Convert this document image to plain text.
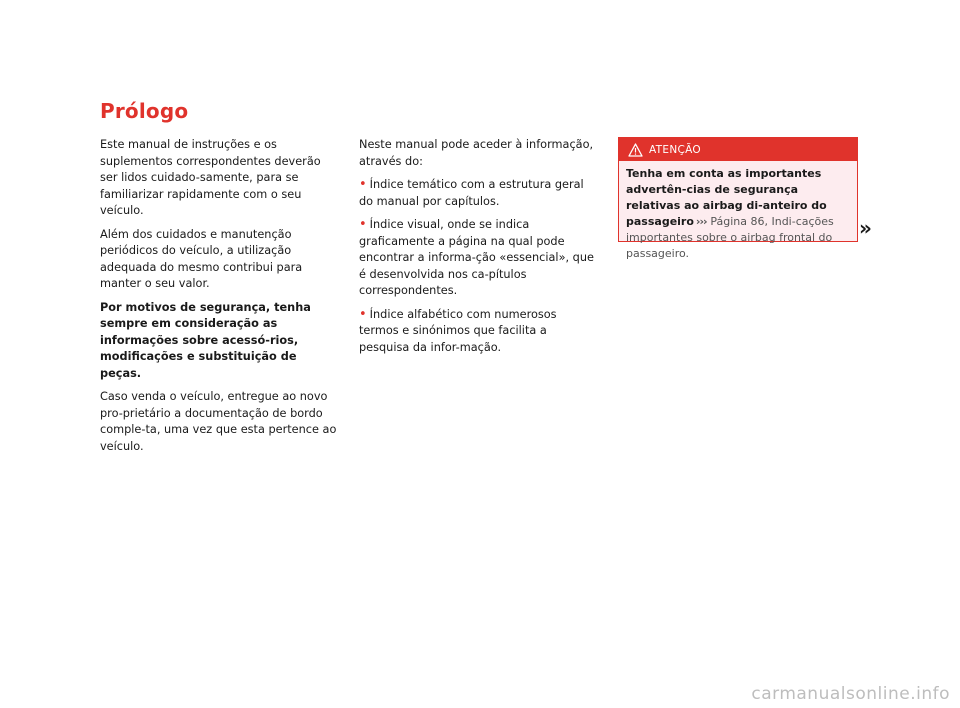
Prólogo

Este manual de instruções e os suplementos correspondentes deverão ser lidos cuidado-samente, para se familiarizar rapidamente com o seu veículo.

Além dos cuidados e manutenção periódicos do veículo, a utilização adequada do mesmo contribui para manter o seu valor.

Por motivos de segurança, tenha sempre em consideração as informações sobre acessó-rios, modificações e substituição de peças.

Caso venda o veículo, entregue ao novo pro-prietário a documentação de bordo comple-ta, uma vez que esta pertence ao veículo.

Neste manual pode aceder à informação, através do:

• Índice temático com a estrutura geral do manual por capítulos.

• Índice visual, onde se indica graficamente a página na qual pode encontrar a informa-ção «essencial», que é desenvolvida nos ca-pítulos correspondentes.

• Índice alfabético com numerosos termos e sinónimos que facilita a pesquisa da infor-mação.

ATENÇÃO
Tenha em conta as importantes advertên-cias de segurança relativas ao airbag di-anteiro do passageiro ››› Página 86, Indi-cações importantes sobre o airbag frontal do passageiro.
»
carmanualsonline.info
